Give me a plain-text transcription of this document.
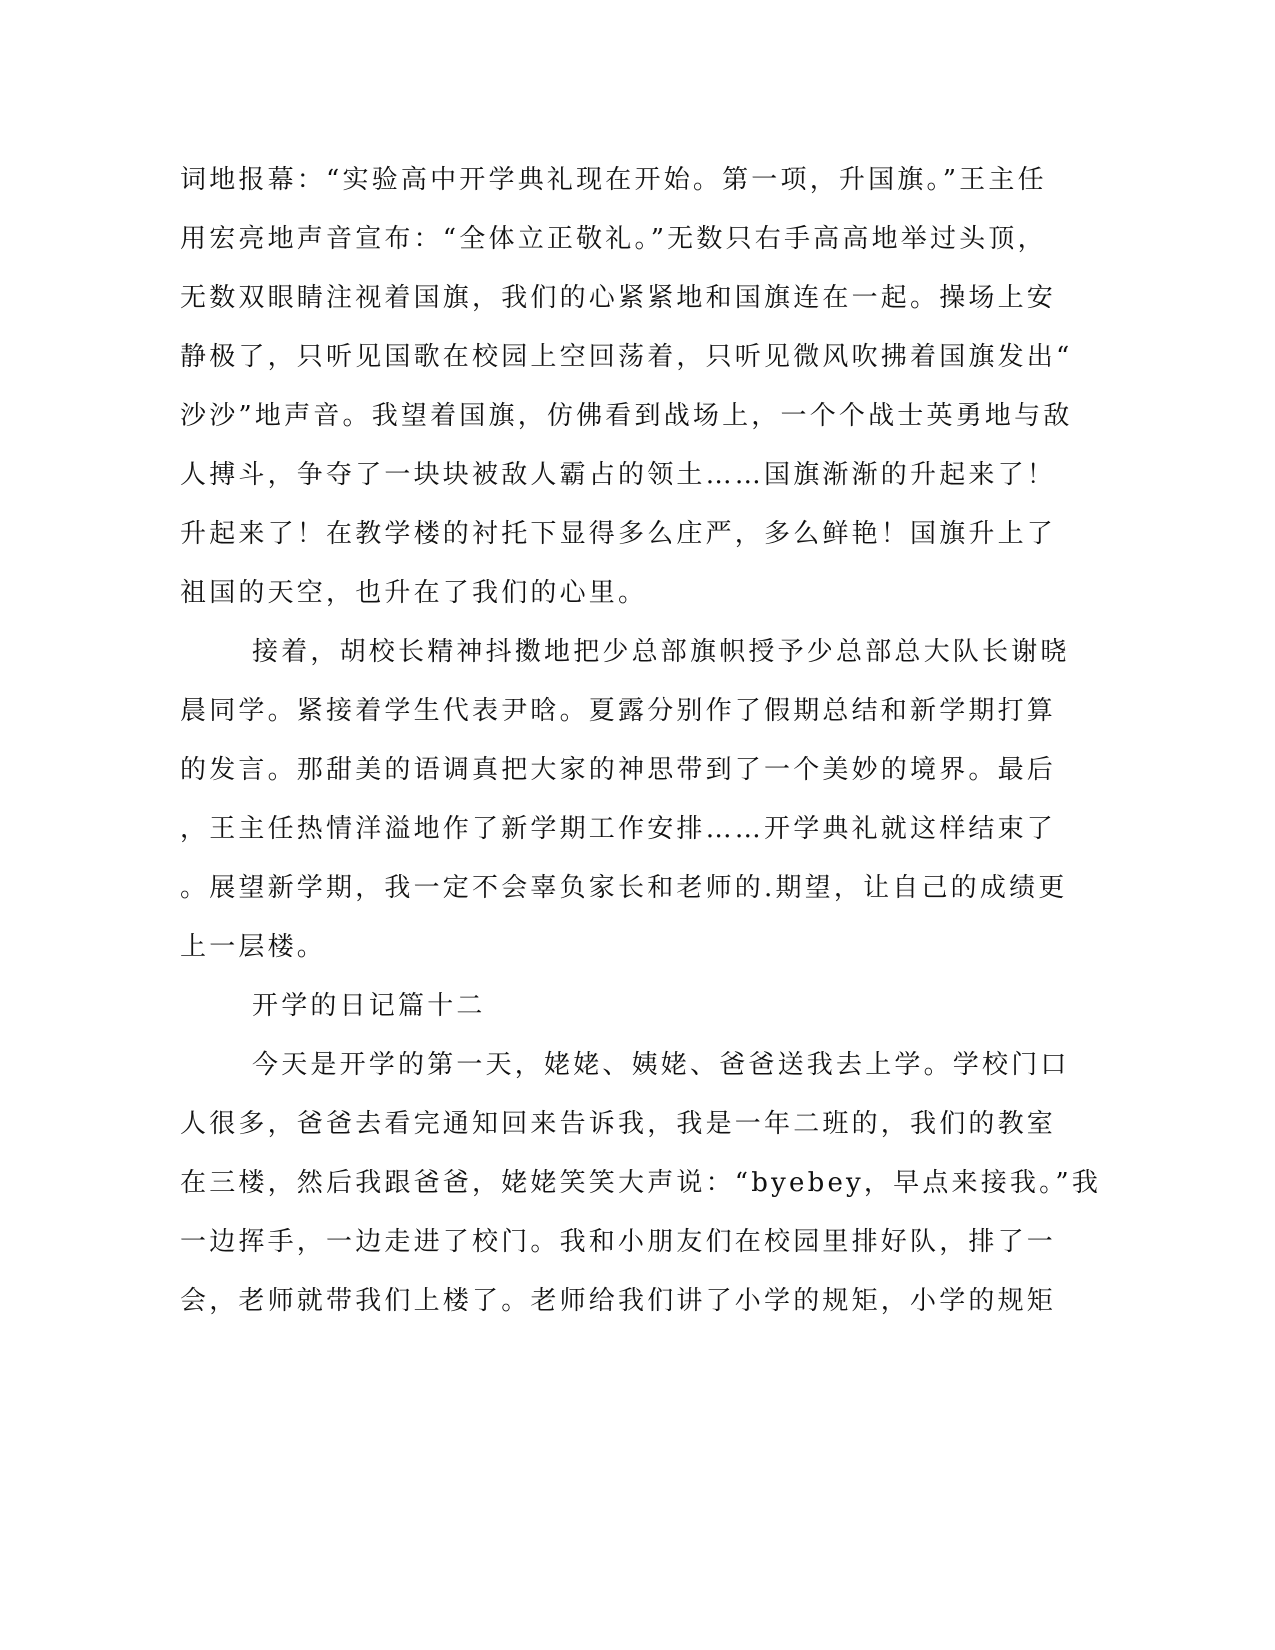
词地报幕：“实验高中开学典礼现在开始。第一项，升国旗。”王主任
用宏亮地声音宣布：“全体立正敬礼。”无数只右手高高地举过头顶，
无数双眼睛注视着国旗，我们的心紧紧地和国旗连在一起。操场上安
静极了，只听见国歌在校园上空回荡着，只听见微风吹拂着国旗发出“
沙沙”地声音。我望着国旗，仿佛看到战场上，一个个战士英勇地与敌
人搏斗，争夺了一块块被敌人霸占的领土……国旗渐渐的升起来了！
升起来了！在教学楼的衬托下显得多么庄严，多么鲜艳！国旗升上了
祖国的天空，也升在了我们的心里。
接着，胡校长精神抖擞地把少总部旗帜授予少总部总大队长谢晓
晨同学。紧接着学生代表尹晗。夏露分别作了假期总结和新学期打算
的发言。那甜美的语调真把大家的神思带到了一个美妙的境界。最后
，王主任热情洋溢地作了新学期工作安排……开学典礼就这样结束了
。展望新学期，我一定不会辜负家长和老师的.期望，让自己的成绩更
上一层楼。
开学的日记篇十二
今天是开学的第一天，姥姥、姨姥、爸爸送我去上学。学校门口
人很多，爸爸去看完通知回来告诉我，我是一年二班的，我们的教室
在三楼，然后我跟爸爸，姥姥笑笑大声说：“byebey，早点来接我。”我
一边挥手，一边走进了校门。我和小朋友们在校园里排好队，排了一
会，老师就带我们上楼了。老师给我们讲了小学的规矩，小学的规矩
